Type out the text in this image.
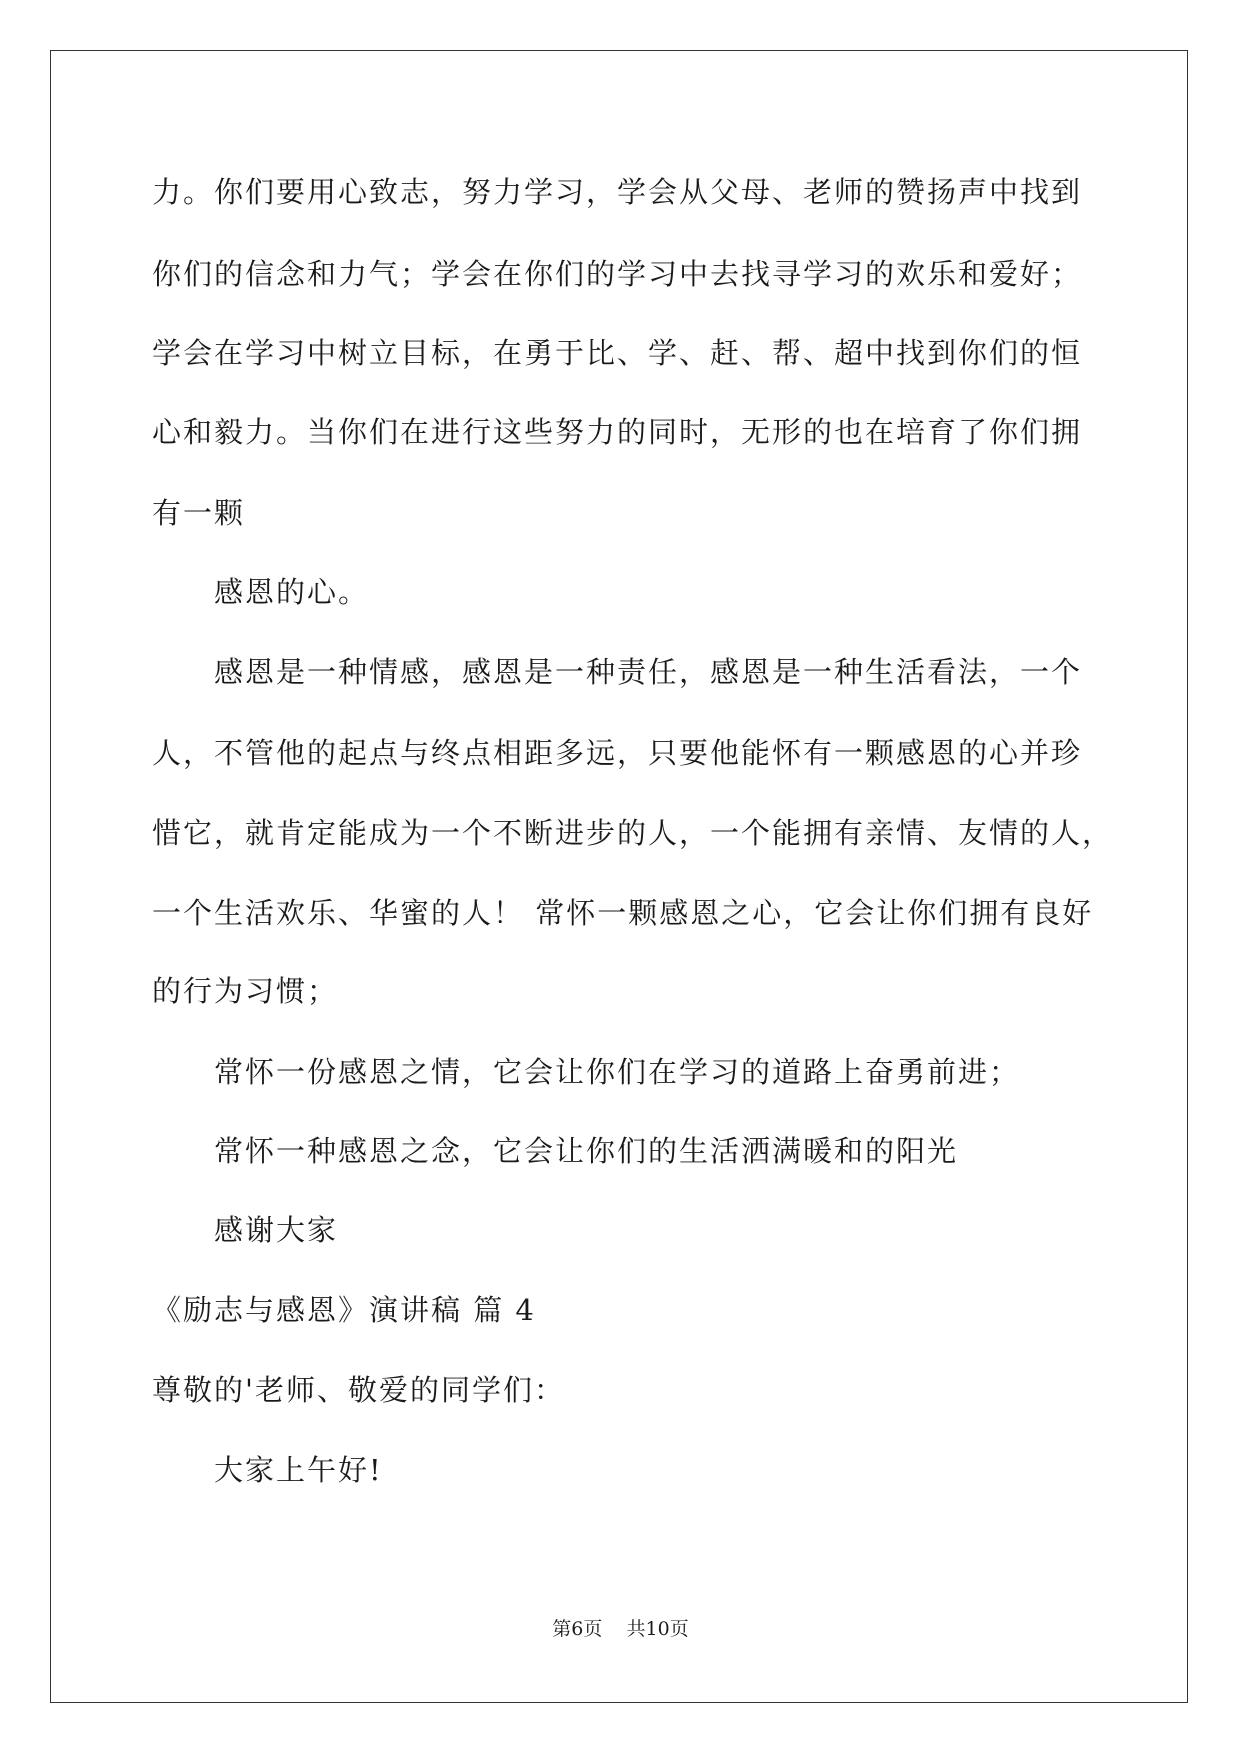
力。你们要用心致志，努力学习，学会从父母、老师的赞扬声中找到
你们的信念和力气；学会在你们的学习中去找寻学习的欢乐和爱好；
学会在学习中树立目标，在勇于比、学、赶、帮、超中找到你们的恒
心和毅力。当你们在进行这些努力的同时，无形的也在培育了你们拥
有一颗
感恩的心。
感恩是一种情感，感恩是一种责任，感恩是一种生活看法，一个
人，不管他的起点与终点相距多远，只要他能怀有一颗感恩的心并珍
惜它，就肯定能成为一个不断进步的人，一个能拥有亲情、友情的人，
一个生活欢乐、华蜜的人！ 常怀一颗感恩之心，它会让你们拥有良好
的行为习惯；
常怀一份感恩之情，它会让你们在学习的道路上奋勇前进；
常怀一种感恩之念，它会让你们的生活洒满暖和的阳光
感谢大家
《励志与感恩》演讲稿 篇 4
尊敬的'老师、敬爱的同学们：
大家上午好!
第6页    共10页
